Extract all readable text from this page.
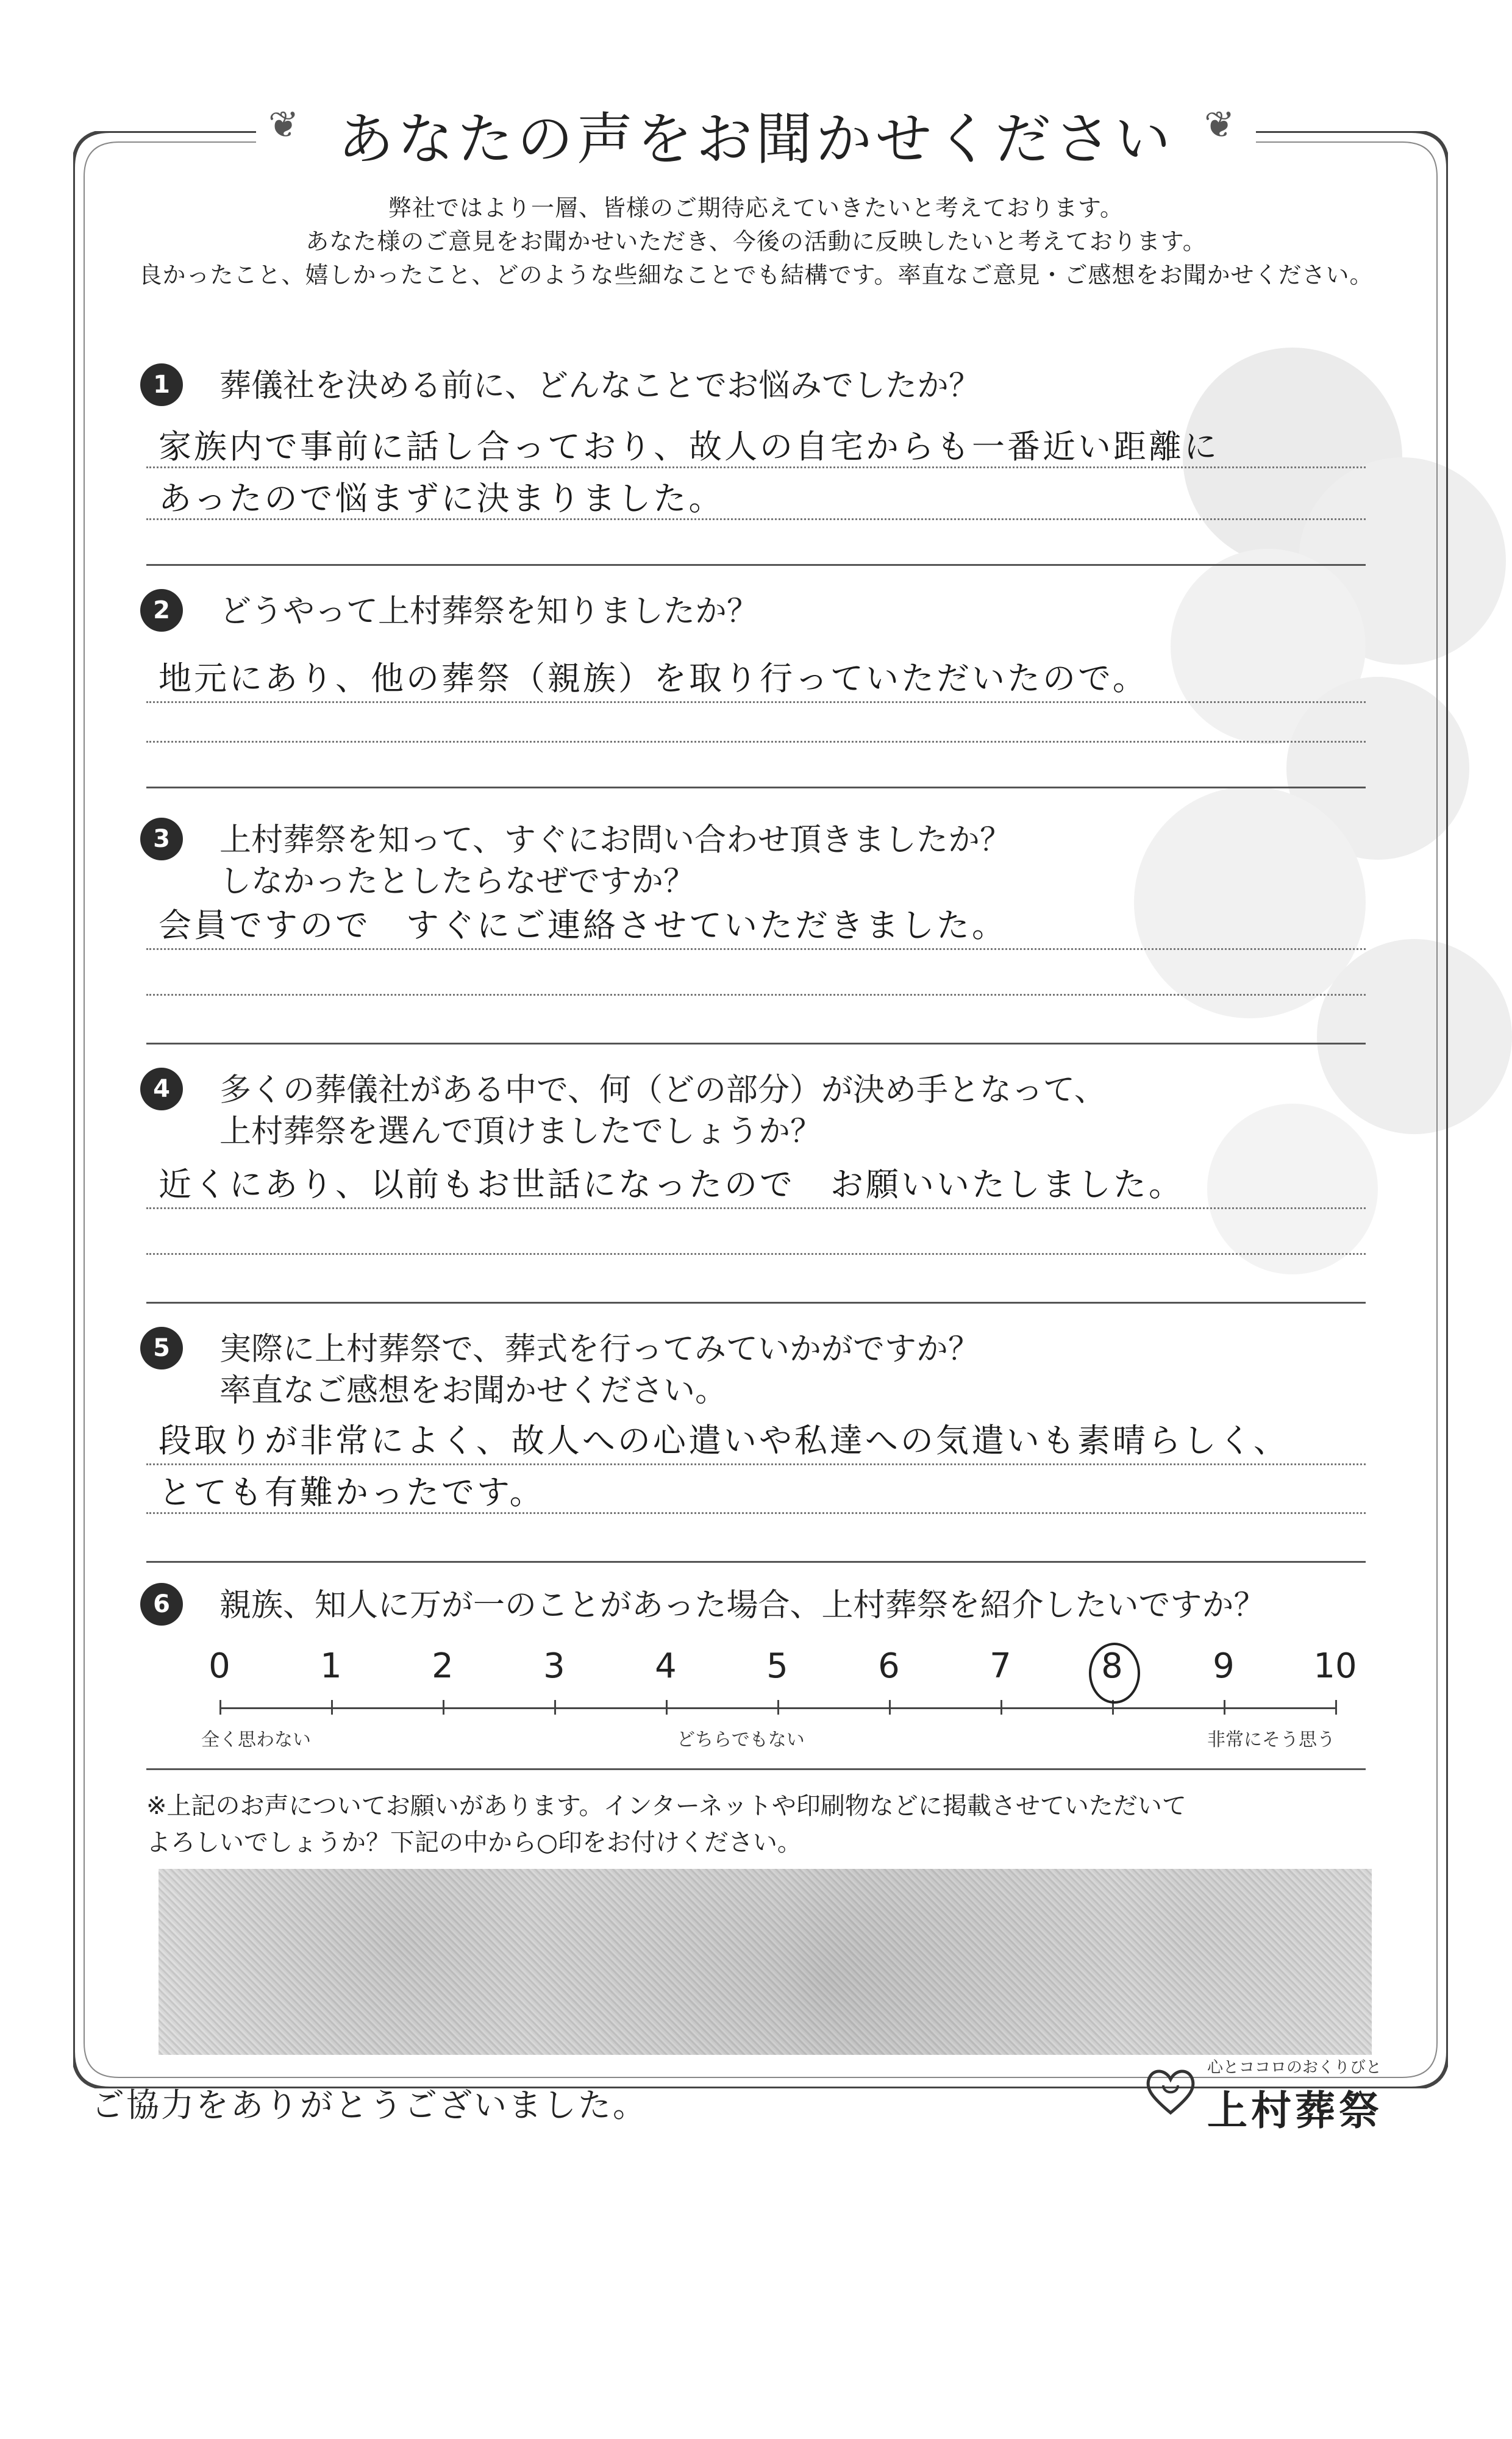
❦ あなたの声をお聞かせください ❦
弊社ではより一層、皆様のご期待応えていきたいと考えております。
あなた様のご意見をお聞かせいただき、今後の活動に反映したいと考えております。
良かったこと、嬉しかったこと、どのような些細なことでも結構です。率直なご意見・ご感想をお聞かせください。
1	葬儀社を決める前に、どんなことでお悩みでしたか？
家族内で事前に話し合っており、故人の自宅からも一番近い距離に
あったので悩まずに決まりました。
2	どうやって上村葬祭を知りましたか？
地元にあり、他の葬祭（親族）を取り行っていただいたので。
3	上村葬祭を知って、すぐにお問い合わせ頂きましたか？
しなかったとしたらなぜですか？
会員ですので　すぐにご連絡させていただきました。
4	多くの葬儀社がある中で、何（どの部分）が決め手となって、
上村葬祭を選んで頂けましたでしょうか？
近くにあり、以前もお世話になったので　お願いいたしました。
5	実際に上村葬祭で、葬式を行ってみていかがですか？
率直なご感想をお聞かせください。
段取りが非常によく、故人への心遣いや私達への気遣いも素晴らしく、
とても有難かったです。
6	親族、知人に万が一のことがあった場合、上村葬祭を紹介したいですか？
0	1	2	3	4	5	6	7	8	9	10
全く思わない	どちらでもない	非常にそう思う
※上記のお声についてお願いがあります。インターネットや印刷物などに掲載させていただいて
よろしいでしょうか？下記の中から○印をお付けください。
ご協力をありがとうございました。
心とココロのおくりびと
上村葬祭
